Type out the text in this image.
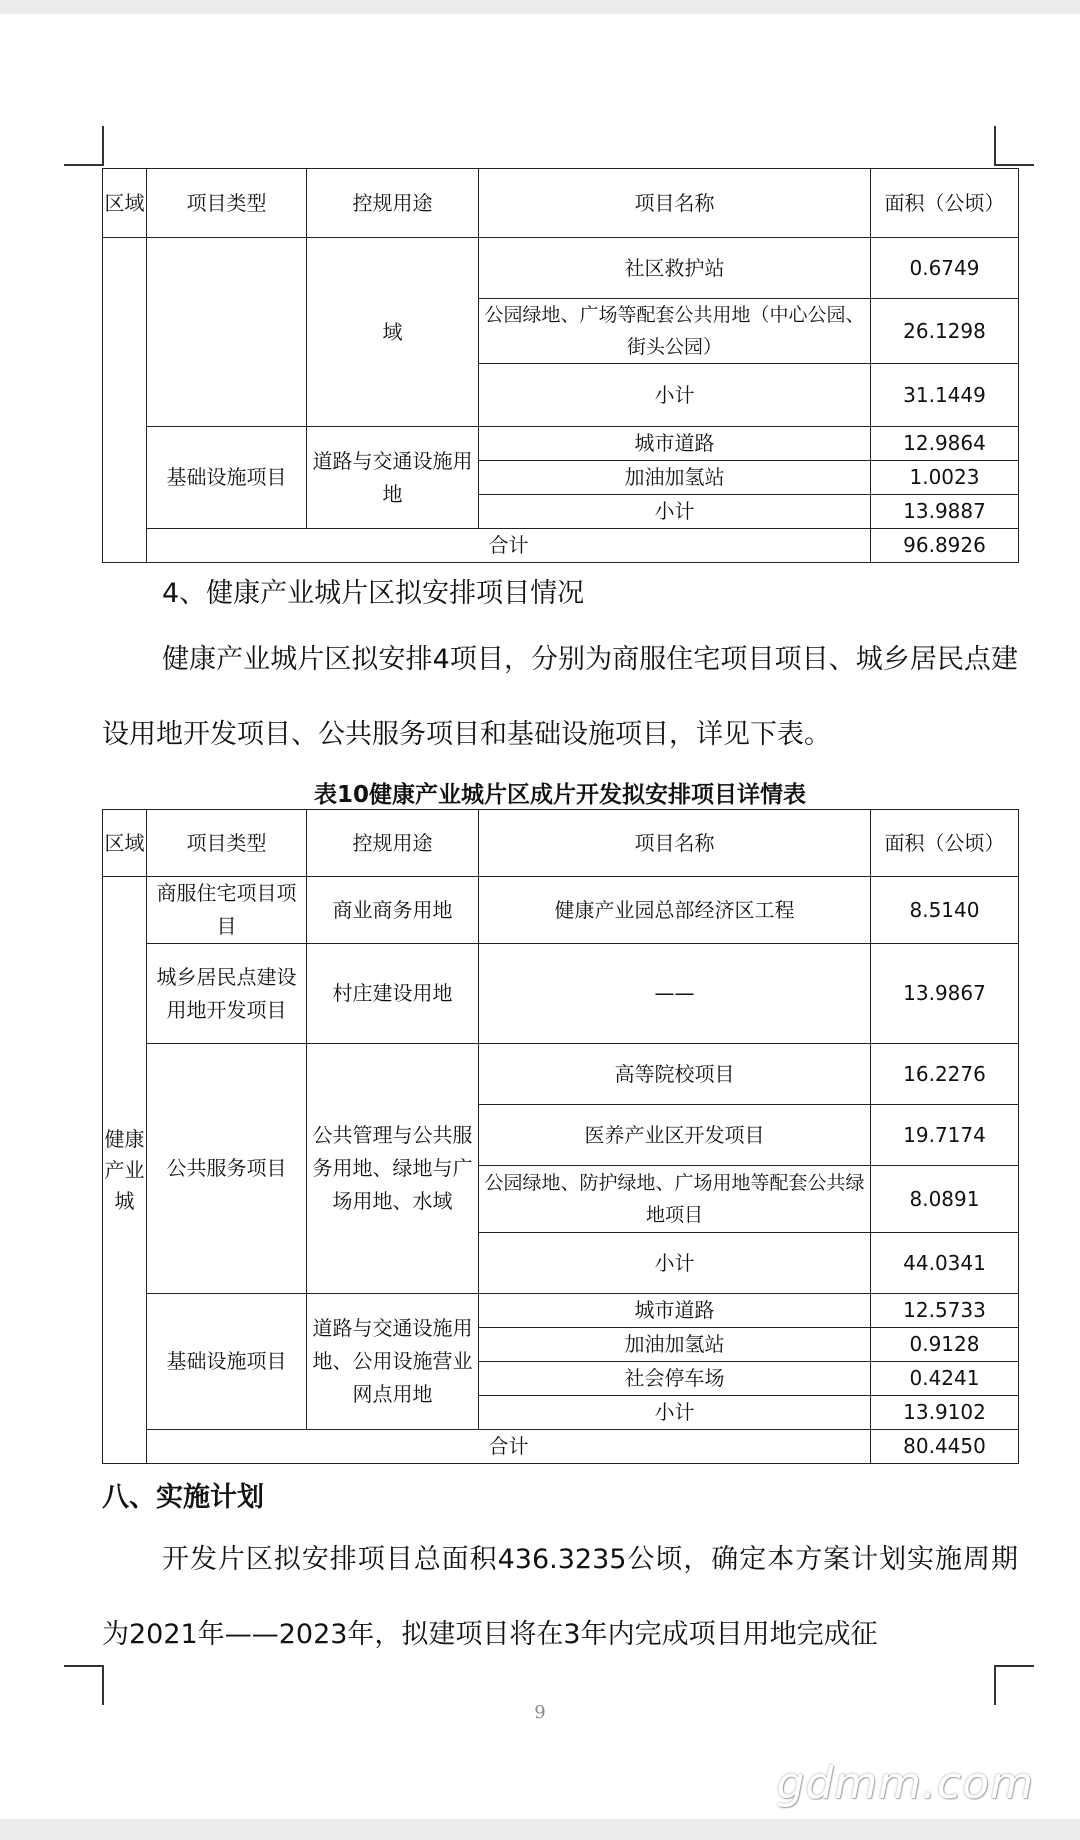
区域	项目类型	控规用途	项目名称	面积（公顷）
		域	社区救护站	0.6749
			公园绿地、广场等配套公共用地（中心公园、街头公园）	26.1298
			小计	31.1449
	基础设施项目	道路与交通设施用地	城市道路	12.9864
			加油加氢站	1.0023
			小计	13.9887
	合计			96.8926
4、健康产业城片区拟安排项目情况
健康产业城片区拟安排4项目，分别为商服住宅项目项目、城乡居民点建设用地开发项目、公共服务项目和基础设施项目，详见下表。
表10健康产业城片区成片开发拟安排项目详情表
区域	项目类型	控规用途	项目名称	面积（公顷）
健康产业城	商服住宅项目项目	商业商务用地	健康产业园总部经济区工程	8.5140
	城乡居民点建设用地开发项目	村庄建设用地	——	13.9867
	公共服务项目	公共管理与公共服务用地、绿地与广场用地、水域	高等院校项目	16.2276
			医养产业区开发项目	19.7174
			公园绿地、防护绿地、广场用地等配套公共绿地项目	8.0891
			小计	44.0341
	基础设施项目	道路与交通设施用地、公用设施营业网点用地	城市道路	12.5733
			加油加氢站	0.9128
			社会停车场	0.4241
			小计	13.9102
	合计			80.4450
八、实施计划
开发片区拟安排项目总面积436.3235公顷，确定本方案计划实施周期为2021年——2023年，拟建项目将在3年内完成项目用地完成征
9
gdmm.com
